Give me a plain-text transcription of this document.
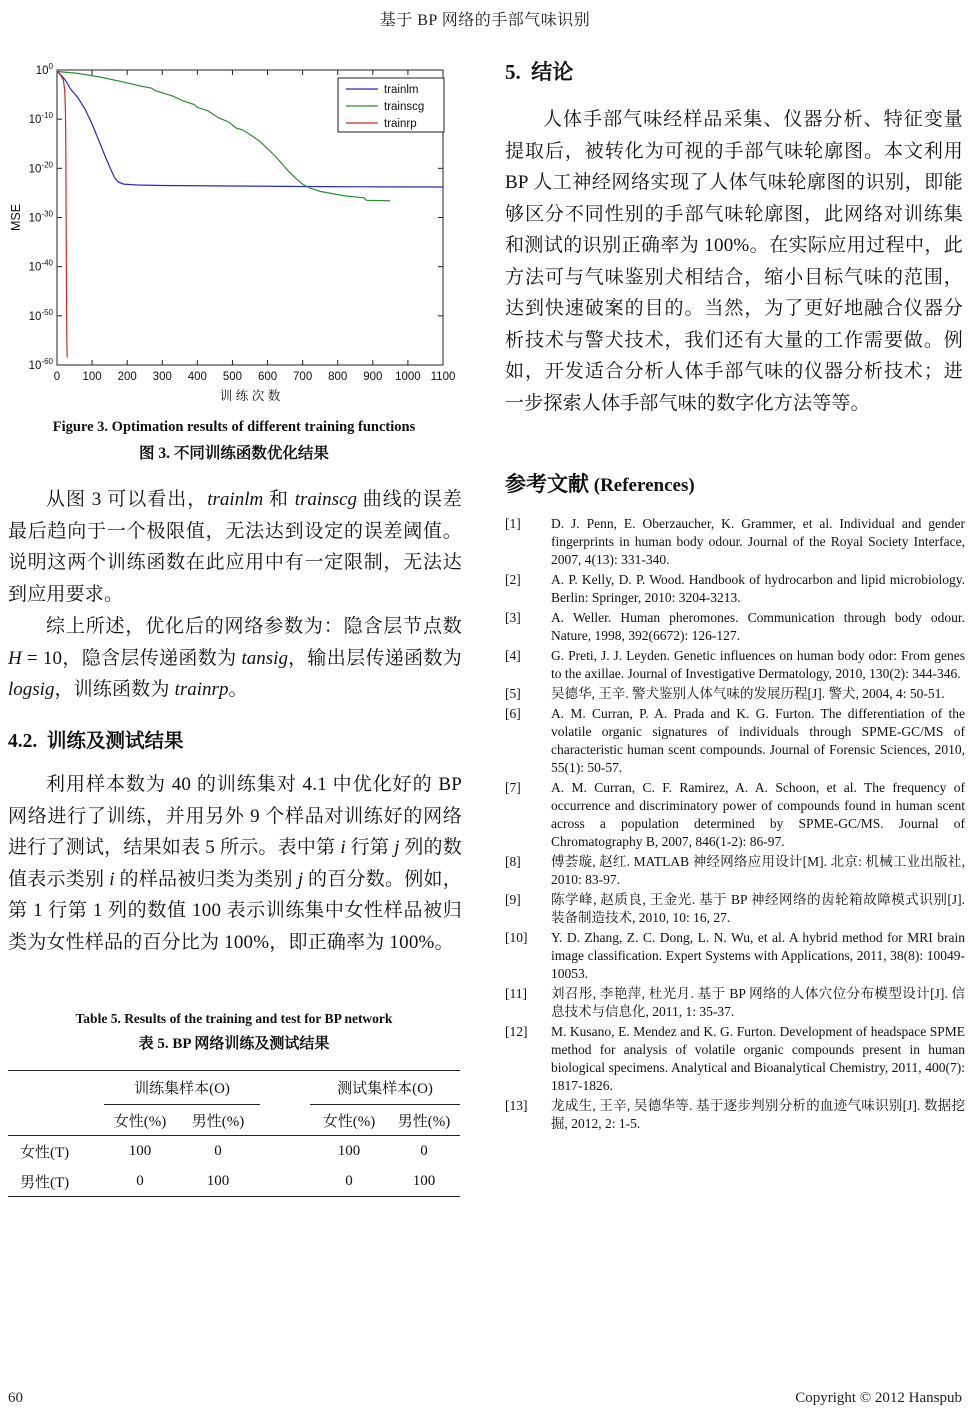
基于 BP 网络的手部气味识别
0 100 200 300 400 500 600 700 800 900 1000 1100
$10^0$
$10^{-10}$
$10^{-20}$
$10^{-30}$
$10^{-40}$
$10^{-50}$
$10^{-60}$
训 练 次 数
MSE
trainlm
trainscg
trainrp
Figure 3. Optimation results of different training functions
图 3. 不同训练函数优化结果

从图 3 可以看出，trainlm 和 trainscg 曲线的误差最后趋向于一个极限值，无法达到设定的误差阈值。说明这两个训练函数在此应用中有一定限制，无法达到应用要求。

综上所述，优化后的网络参数为：隐含层节点数 H = 10，隐含层传递函数为 tansig，输出层传递函数为 logsig，训练函数为 trainrp。

4.2. 训练及测试结果

利用样本数为 40 的训练集对 4.1 中优化好的 BP 网络进行了训练，并用另外 9 个样品对训练好的网络进行了测试，结果如表 5 所示。表中第 i 行第 j 列的数值表示类别 i 的样品被归类为类别 j 的百分数。例如，第 1 行第 1 列的数值 100 表示训练集中女性样品被归类为女性样品的百分比为 100%，即正确率为 100%。

Table 5. Results of the training and test for BP network
表 5. BP 网络训练及测试结果
	训练集样本(O)			测试集样本(O)	
	女性(%)	男性(%)		女性(%)	男性(%)
女性(T)	100	0		100	0
男性(T)	0	100		0	100
5. 结论

人体手部气味经样品采集、仪器分析、特征变量提取后，被转化为可视的手部气味轮廓图。本文利用 BP 人工神经网络实现了人体气味轮廓图的识别，即能够区分不同性别的手部气味轮廓图，此网络对训练集和测试的识别正确率为 100%。在实际应用过程中，此方法可与气味鉴别犬相结合，缩小目标气味的范围，达到快速破案的目的。当然，为了更好地融合仪器分析技术与警犬技术，我们还有大量的工作需要做。例如，开发适合分析人体手部气味的仪器分析技术；进一步探索人体手部气味的数字化方法等等。

参考文献 (References)
[1]	D. J. Penn, E. Oberzaucher, K. Grammer, et al. Individual and gender fingerprints in human body odour. Journal of the Royal Society Interface, 2007, 4(13): 331-340.
[2]	A. P. Kelly, D. P. Wood. Handbook of hydrocarbon and lipid microbiology. Berlin: Springer, 2010: 3204-3213.
[3]	A. Weller. Human pheromones. Communication through body odour. Nature, 1998, 392(6672): 126-127.
[4]	G. Preti, J. J. Leyden. Genetic influences on human body odor: From genes to the axillae. Journal of Investigative Dermatology, 2010, 130(2): 344-346.
[5]	吴德华, 王辛. 警犬鉴别人体气味的发展历程[J]. 警犬, 2004, 4: 50-51.
[6]	A. M. Curran, P. A. Prada and K. G. Furton. The differentiation of the volatile organic signatures of individuals through SPME-GC/MS of characteristic human scent compounds. Journal of Forensic Sciences, 2010, 55(1): 50-57.
[7]	A. M. Curran, C. F. Ramirez, A. A. Schoon, et al. The frequency of occurrence and discriminatory power of compounds found in human scent across a population determined by SPME-GC/MS. Journal of Chromatography B, 2007, 846(1-2): 86-97.
[8]	傅荟璇, 赵红. MATLAB 神经网络应用设计[M]. 北京: 机械工业出版社, 2010: 83-97.
[9]	陈学峰, 赵质良, 王金光. 基于 BP 神经网络的齿轮箱故障模式识别[J]. 装备制造技术, 2010, 10: 16, 27.
[10]	Y. D. Zhang, Z. C. Dong, L. N. Wu, et al. A hybrid method for MRI brain image classification. Expert Systems with Applications, 2011, 38(8): 10049-10053.
[11]	刘召彤, 李艳萍, 杜光月. 基于 BP 网络的人体穴位分布模型设计[J]. 信息技术与信息化, 2011, 1: 35-37.
[12]	M. Kusano, E. Mendez and K. G. Furton. Development of headspace SPME method for analysis of volatile organic compounds present in human biological specimens. Analytical and Bioanalytical Chemistry, 2011, 400(7): 1817-1826.
[13]	龙成生, 王辛, 吴德华等. 基于逐步判别分析的血迹气味识别[J]. 数据挖掘, 2012, 2: 1-5.
60	Copyright © 2012 Hanspub
